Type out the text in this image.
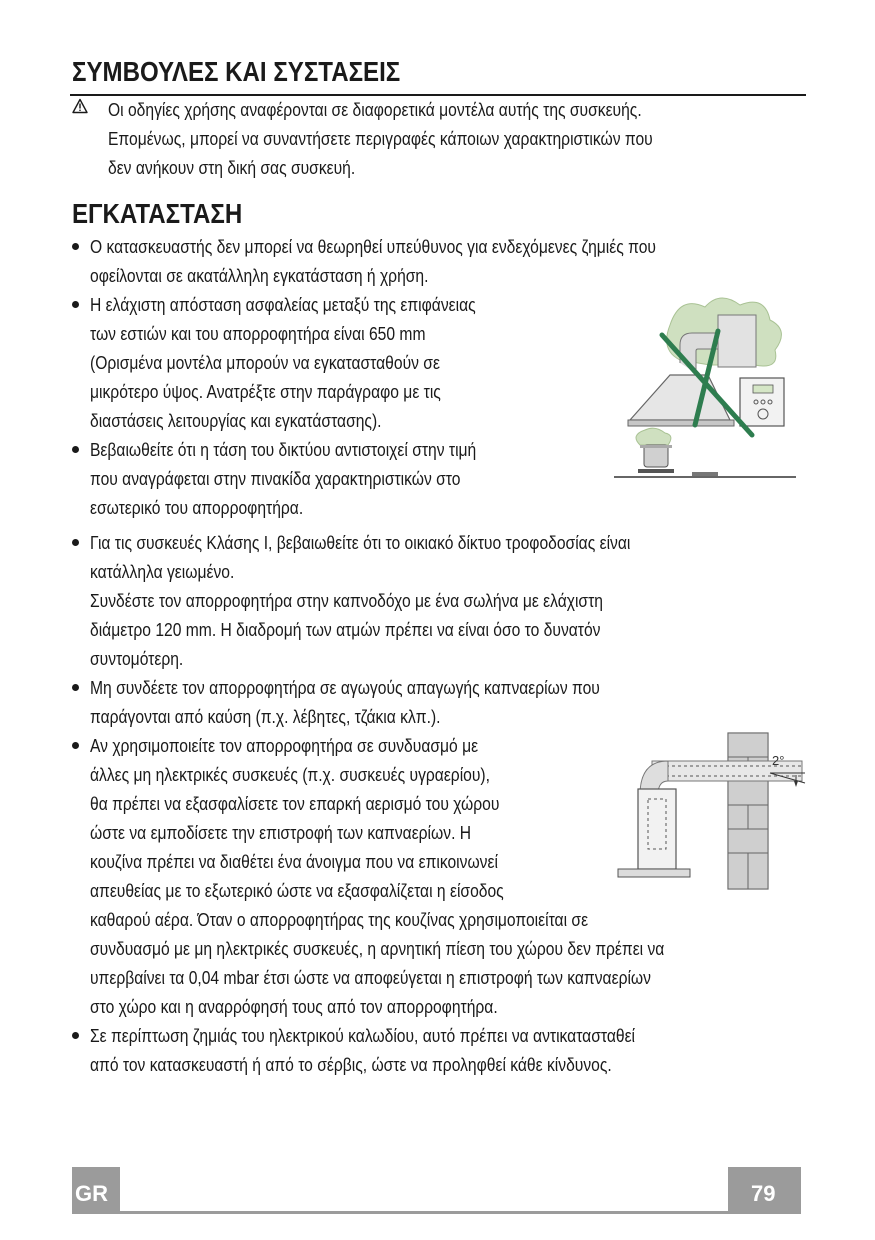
ΣΥΜΒΟΥΛΕΣ ΚΑΙ ΣΥΣΤΑΣΕΙΣ
Οι οδηγίες χρήσης αναφέρονται σε διαφορετικά μοντέλα αυτής της συσκευής.
Επομένως, μπορεί να συναντήσετε περιγραφές κάποιων χαρακτηριστικών που
δεν ανήκουν στη δική σας συσκευή.
ΕΓΚΑΤΑΣΤΑΣΗ
Ο κατασκευαστής δεν μπορεί να θεωρηθεί υπεύθυνος για ενδεχόμενες ζημιές που
οφείλονται σε ακατάλληλη εγκατάσταση ή χρήση.
Η ελάχιστη απόσταση ασφαλείας μεταξύ της επιφάνειας
των εστιών και του απορροφητήρα είναι 650 mm
(Ορισμένα μοντέλα μπορούν να εγκατασταθούν σε
μικρότερο ύψος. Ανατρέξτε στην παράγραφο με τις
διαστάσεις λειτουργίας και εγκατάστασης).
Βεβαιωθείτε ότι η τάση του δικτύου αντιστοιχεί στην τιμή
που αναγράφεται στην πινακίδα χαρακτηριστικών στο
εσωτερικό του απορροφητήρα.
Για τις συσκευές Κλάσης Ι, βεβαιωθείτε ότι το οικιακό δίκτυο τροφοδοσίας είναι
κατάλληλα γειωμένο.
Συνδέστε τον απορροφητήρα στην καπνοδόχο με ένα σωλήνα με ελάχιστη
διάμετρο 120 mm. Η διαδρομή των ατμών πρέπει να είναι όσο το δυνατόν
συντομότερη.
Μη συνδέετε τον απορροφητήρα σε αγωγούς απαγωγής καπναερίων που
παράγονται από καύση (π.χ. λέβητες, τζάκια κλπ.).
Αν χρησιμοποιείτε τον απορροφητήρα σε συνδυασμό με
άλλες μη ηλεκτρικές συσκευές (π.χ. συσκευές υγραερίου),
θα πρέπει να εξασφαλίσετε τον επαρκή αερισμό του χώρου
ώστε να εμποδίσετε την επιστροφή των καπναερίων. Η
κουζίνα πρέπει να διαθέτει ένα άνοιγμα που να επικοινωνεί
απευθείας με το εξωτερικό ώστε να εξασφαλίζεται η είσοδος
καθαρού αέρα. Όταν ο απορροφητήρας της κουζίνας χρησιμοποιείται σε
συνδυασμό με μη ηλεκτρικές συσκευές, η αρνητική πίεση του χώρου δεν πρέπει να
υπερβαίνει τα 0,04 mbar έτσι ώστε να αποφεύγεται η επιστροφή των καπναερίων
στο χώρο και η αναρρόφησή τους από τον απορροφητήρα.
Σε περίπτωση ζημιάς του ηλεκτρικού καλωδίου, αυτό πρέπει να αντικατασταθεί
από τον κατασκευαστή ή από το σέρβις, ώστε να προληφθεί κάθε κίνδυνος.
2°
GR	79
